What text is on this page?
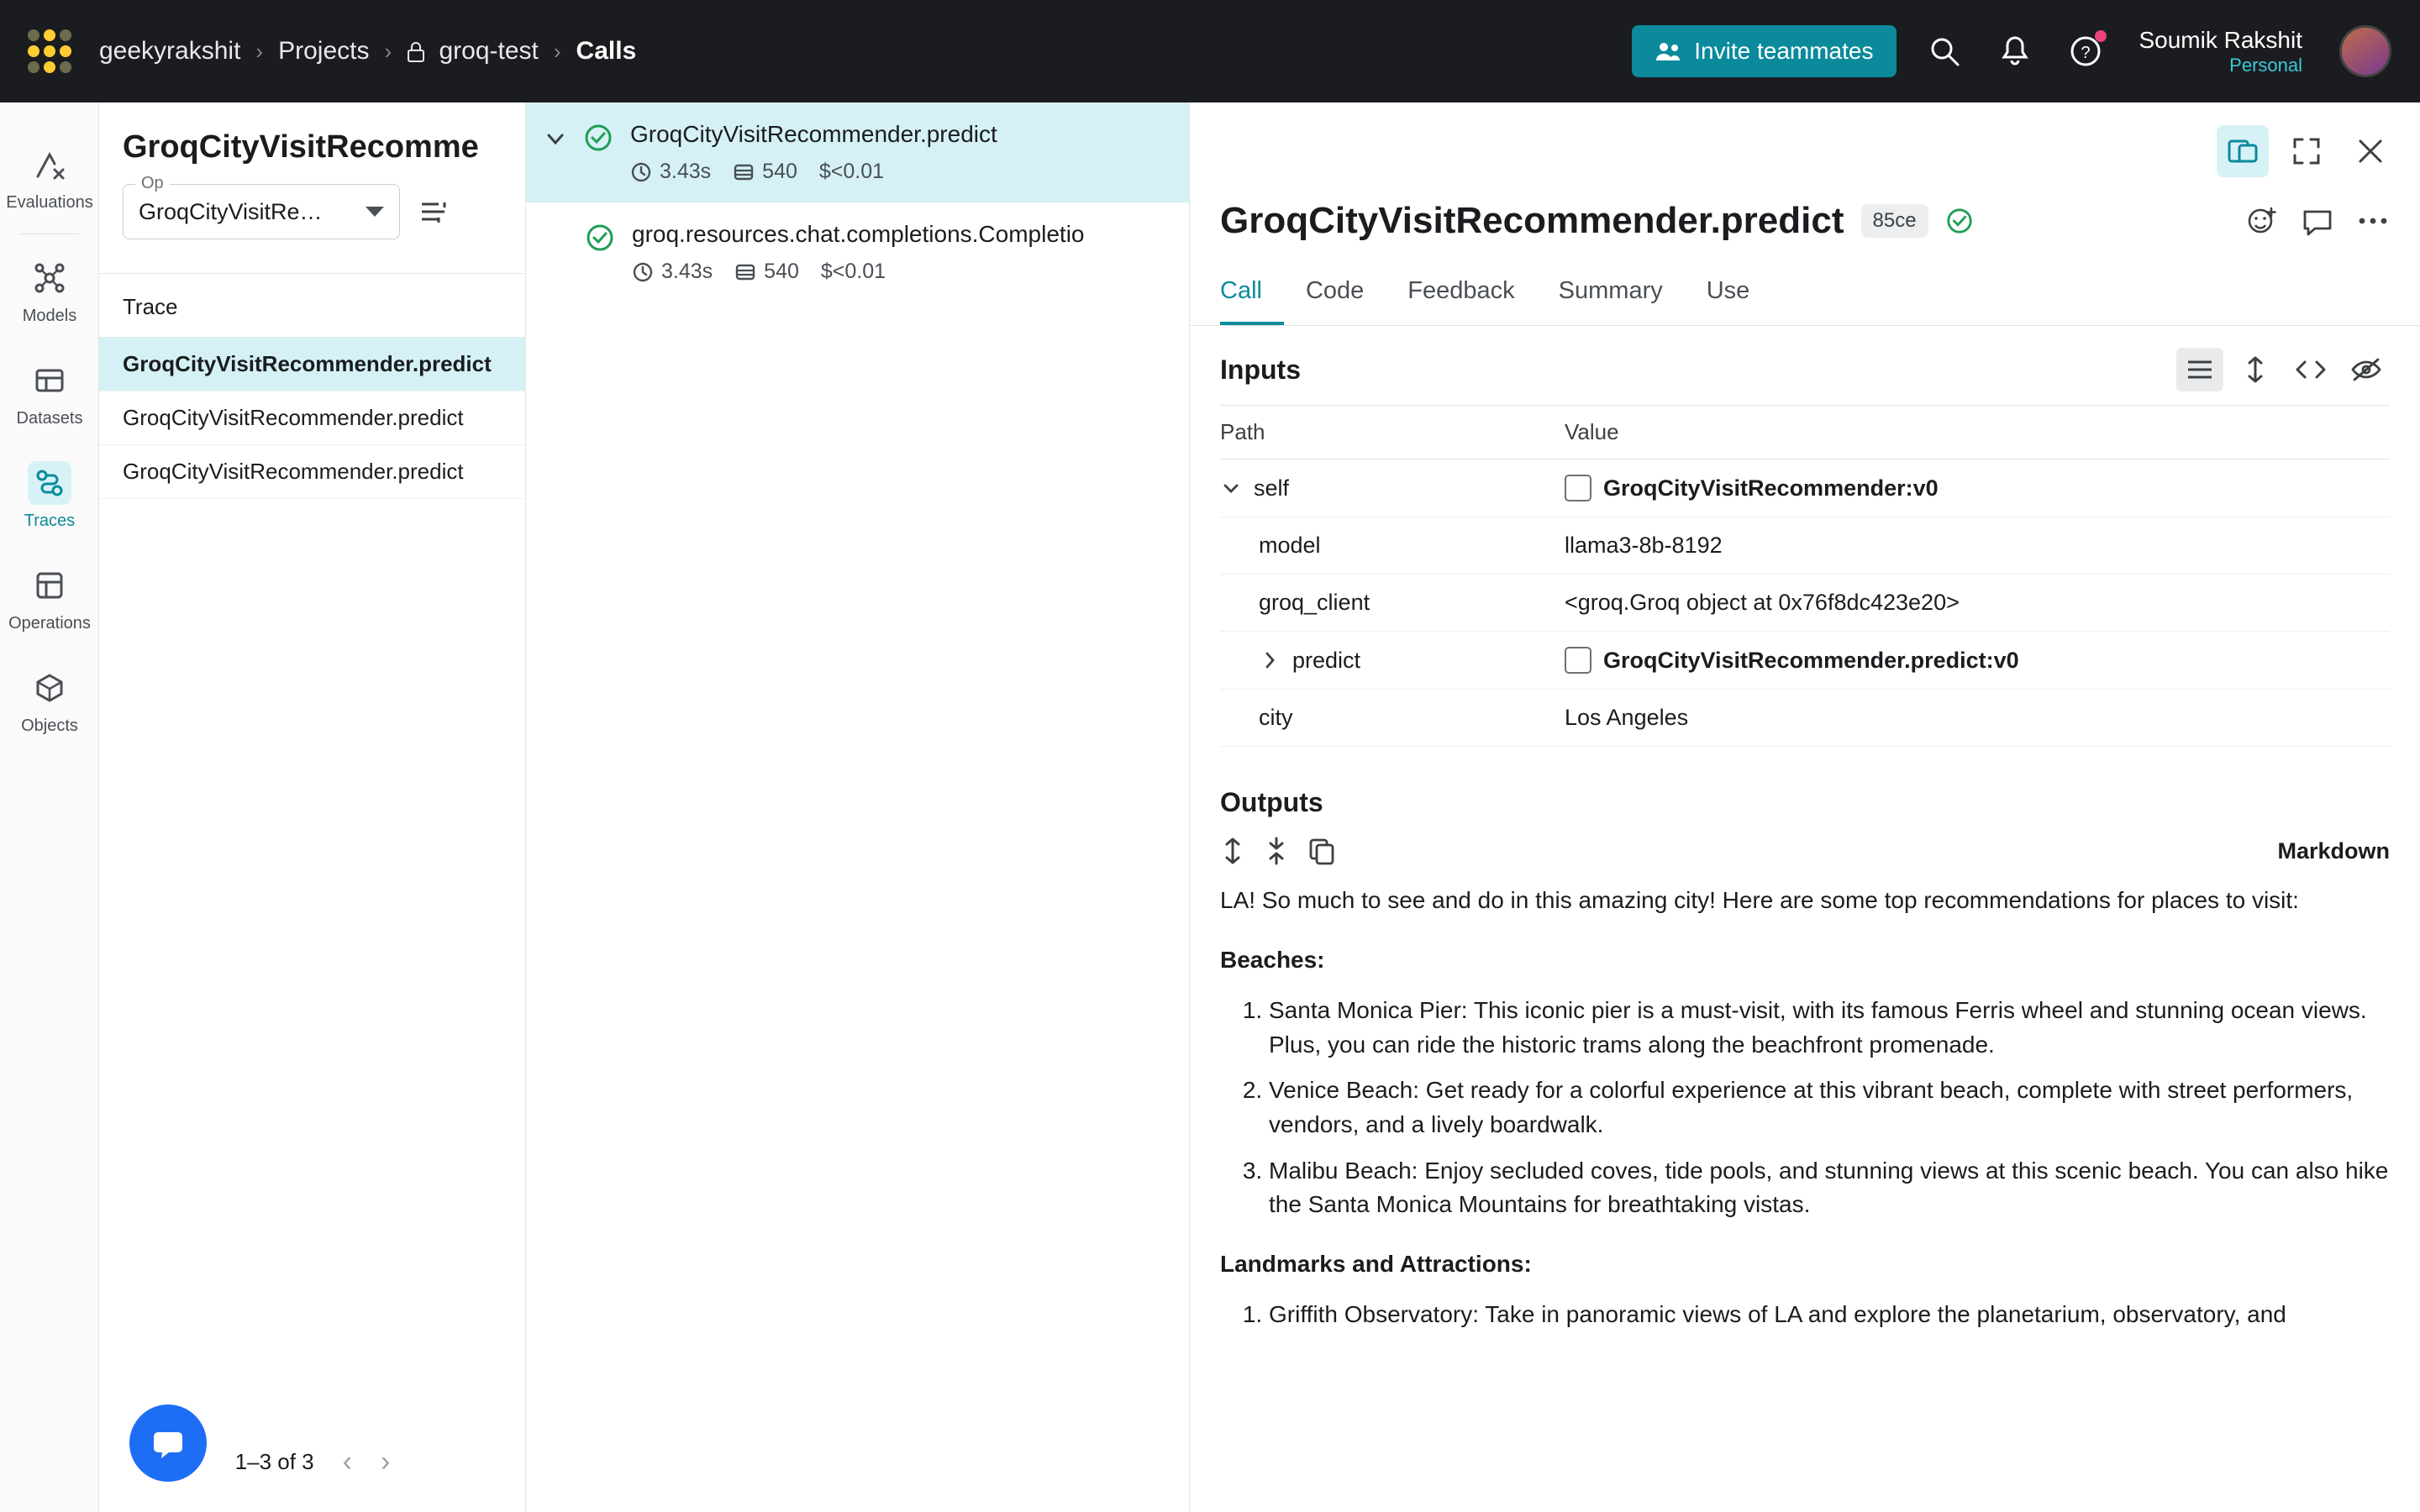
geekyrakshit › Projects ›	groq-test › Calls	Invite teammates	? Soumik Rakshit
Personal
Evaluations
Models
Datasets
Traces
Operations
Objects
GroqCityVisitRecomme
Op
GroqCityVisitRe…
Trace
GroqCityVisitRecommender.predict
GroqCityVisitRecommender.predict
GroqCityVisitRecommender.predict
1–3 of 3 ‹ ›
GroqCityVisitRecommender.predict
3.43s 540 $<0.01
groq.resources.chat.completions.Completio
3.43s 540 $<0.01
GroqCityVisitRecommender.predict	85ce
Call	Code	Feedback	Summary	Use
Inputs
Path	Value

self	GroqCityVisitRecommender:v0

model	llama3-8b-8192

groq_client	<groq.Groq object at 0x76f8dc423e20>

predict	GroqCityVisitRecommender.predict:v0

city	Los Angeles
Outputs
Markdown

LA! So much to see and do in this amazing city! Here are some top recommendations for places to visit:

Beaches:
1. Santa Monica Pier: This iconic pier is a must-visit, with its famous Ferris wheel and stunning ocean views. Plus, you can ride the historic trams along the beachfront promenade.
2. Venice Beach: Get ready for a colorful experience at this vibrant beach, complete with street performers, vendors, and a lively boardwalk.
3. Malibu Beach: Enjoy secluded coves, tide pools, and stunning views at this scenic beach. You can also hike the Santa Monica Mountains for breathtaking vistas.
Landmarks and Attractions:
1. Griffith Observatory: Take in panoramic views of LA and explore the planetarium, observatory, and
